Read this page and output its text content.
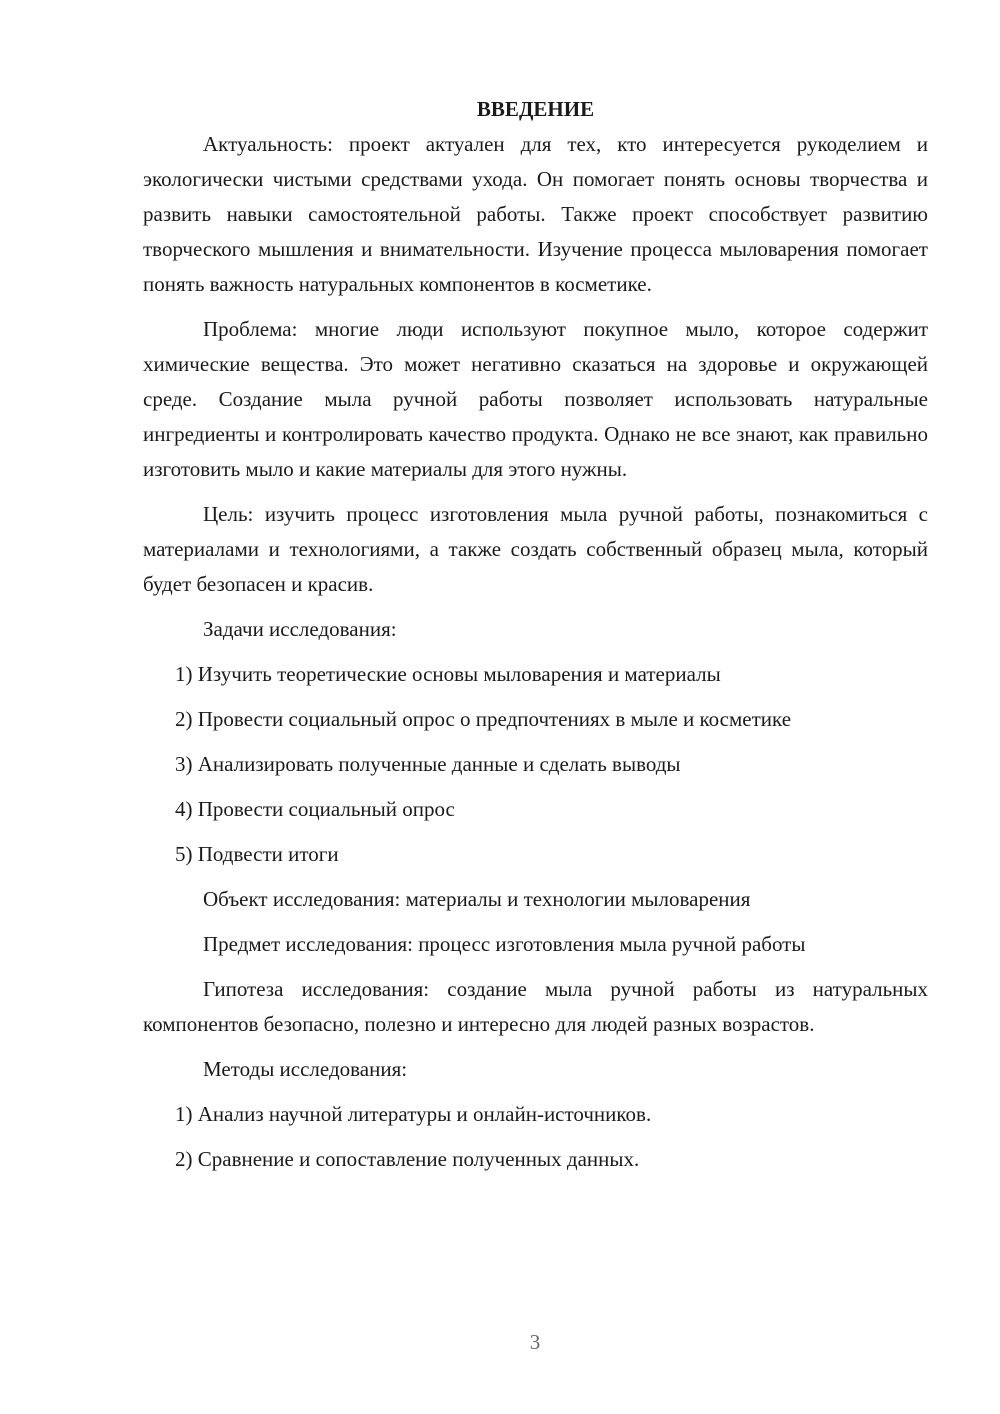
ВВЕДЕНИЕ

Актуальность: проект актуален для тех, кто интересуется рукоделием и экологически чистыми средствами ухода. Он помогает понять основы творчества и развить навыки самостоятельной работы. Также проект способствует развитию творческого мышления и внимательности. Изучение процесса мыловарения помогает понять важность натуральных компонентов в косметике.

Проблема: многие люди используют покупное мыло, которое содержит химические вещества. Это может негативно сказаться на здоровье и окружающей среде. Создание мыла ручной работы позволяет использовать натуральные ингредиенты и контролировать качество продукта. Однако не все знают, как правильно изготовить мыло и какие материалы для этого нужны.

Цель: изучить процесс изготовления мыла ручной работы, познакомиться с материалами и технологиями, а также создать собственный образец мыла, который будет безопасен и красив.

Задачи исследования:
1) Изучить теоретические основы мыловарения и материалы
2) Провести социальный опрос о предпочтениях в мыле и косметике
3) Анализировать полученные данные и сделать выводы
4) Провести социальный опрос
5) Подвести итоги
Объект исследования: материалы и технологии мыловарения
Предмет исследования: процесс изготовления мыла ручной работы

Гипотеза исследования: создание мыла ручной работы из натуральных компонентов безопасно, полезно и интересно для людей разных возрастов.

Методы исследования:
1) Анализ научной литературы и онлайн-источников.
2) Сравнение и сопоставление полученных данных.
3
